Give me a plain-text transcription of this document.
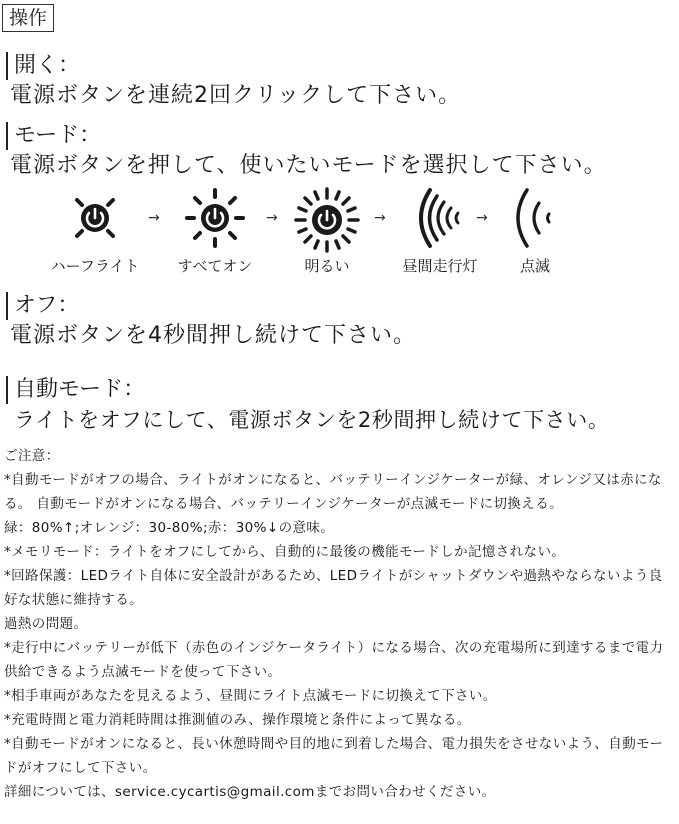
操作
開く：
電源ボタンを連続2回クリックして下さい。
モード：
電源ボタンを押して、使いたいモードを選択して下さい。
ハーフライト
→
すべてオン
→
明るい
→
昼間走行灯
→
点滅
オフ：
電源ボタンを4秒間押し続けて下さい。
自動モード：
ライトをオフにして、電源ボタンを2秒間押し続けて下さい。

ご注意：

*自動モードがオフの場合、ライトがオンになると、バッテリーインジケーターが緑、オレンジ又は赤になる。 自動モードがオンになる場合、バッテリーインジケーターが点滅モードに切換える。

緑：80%↑;オレンジ：30-80%;赤：30%↓の意味。

*メモリモード：ライトをオフにしてから、自動的に最後の機能モードしか記憶されない。

*回路保護：LEDライト自体に安全設計があるため、LEDライトがシャットダウンや過熱やならないよう良好な状態に維持する。

過熱の問題。

*走行中にバッテリーが低下（赤色のインジケータライト）になる場合、次の充電場所に到達するまで電力供給できるよう点滅モードを使って下さい。

*相手車両があなたを見えるよう、昼間にライト点滅モードに切換えて下さい。

*充電時間と電力消耗時間は推測値のみ、操作環境と条件によって異なる。

*自動モードがオンになると、長い休憩時間や目的地に到着した場合、電力損失をさせないよう、自動モードがオフにして下さい。

詳細については、service.cycartis@gmail.comまでお問い合わせください。
